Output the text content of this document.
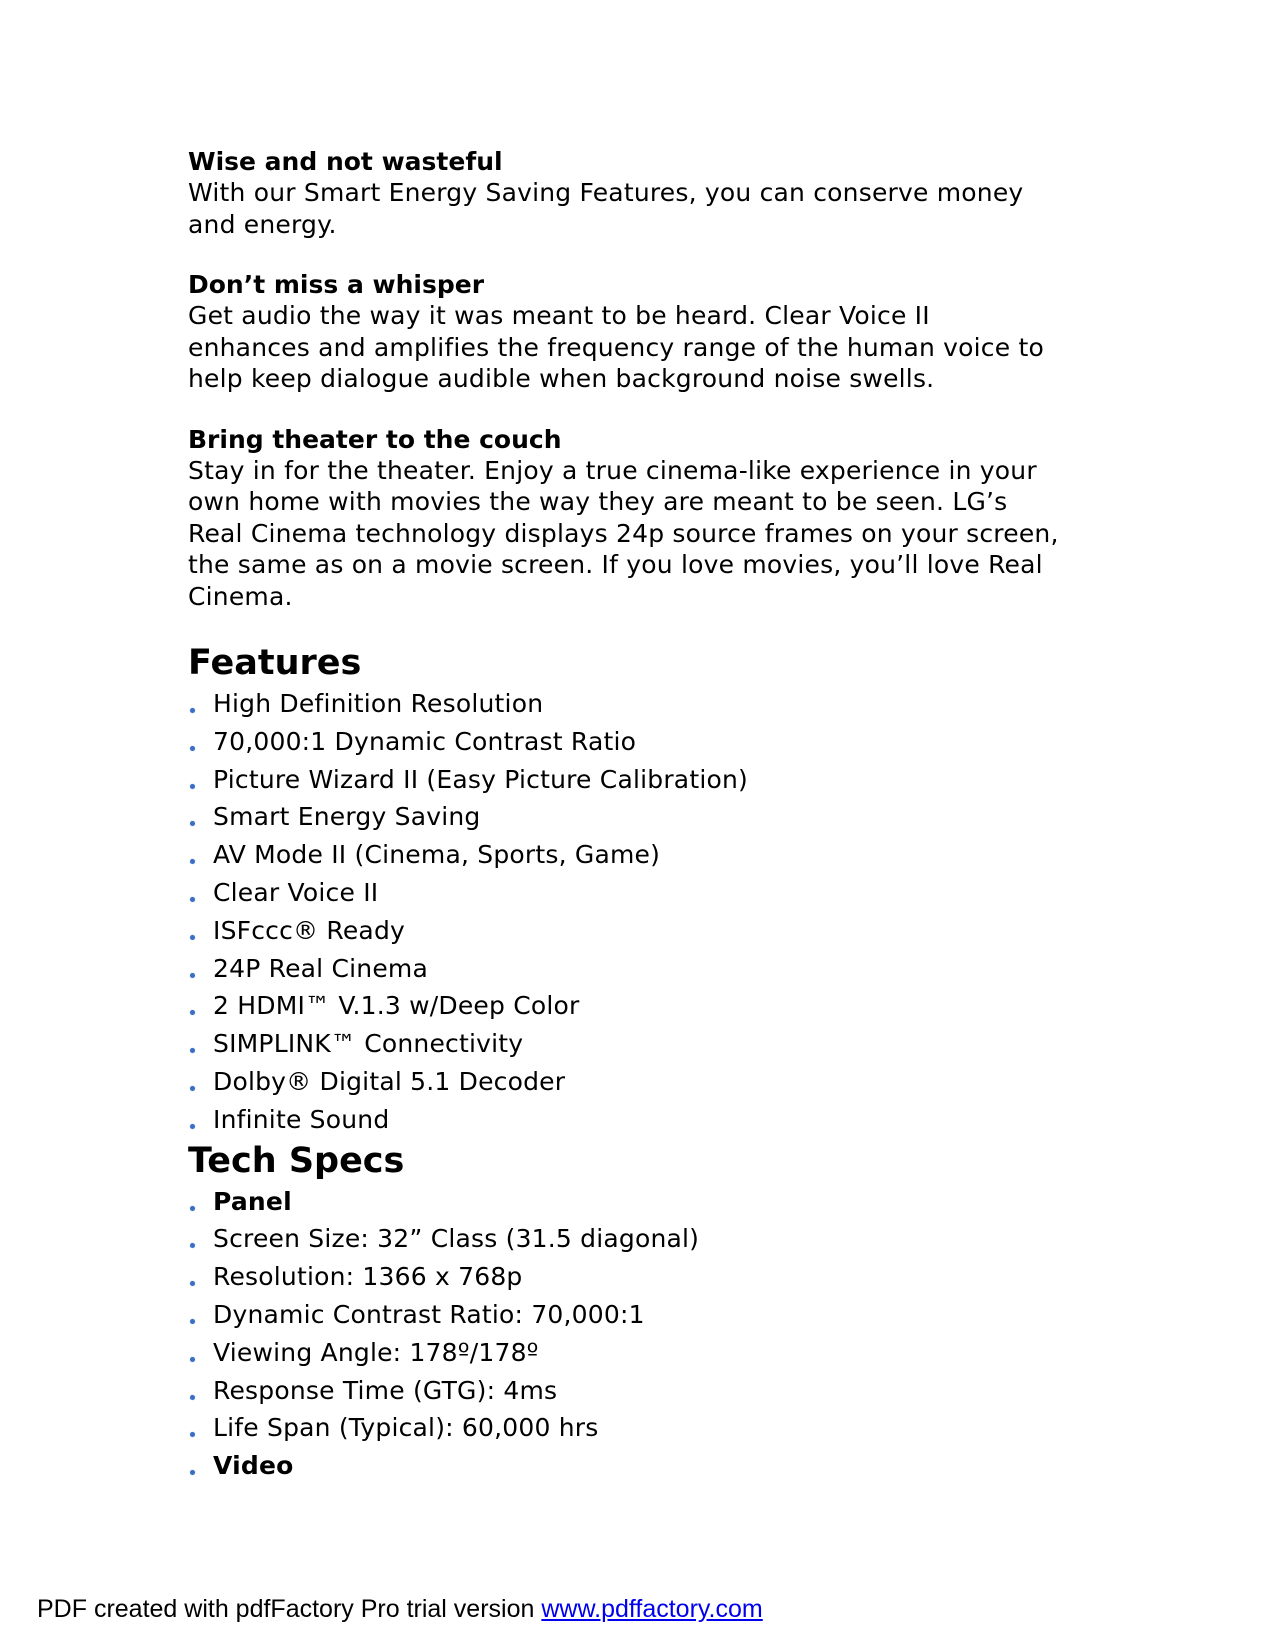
Wise and not wasteful

With our Smart Energy Saving Features, you can conserve money
and energy.

Don’t miss a whisper

Get audio the way it was meant to be heard. Clear Voice II
enhances and amplifies the frequency range of the human voice to
help keep dialogue audible when background noise swells.

Bring theater to the couch

Stay in for the theater. Enjoy a true cinema-like experience in your
own home with movies the way they are meant to be seen. LG’s
Real Cinema technology displays 24p source frames on your screen,
the same as on a movie screen. If you love movies, you’ll love Real
Cinema.

Features
High Definition Resolution
70,000:1 Dynamic Contrast Ratio
Picture Wizard II (Easy Picture Calibration)
Smart Energy Saving
AV Mode II (Cinema, Sports, Game)
Clear Voice II
ISFccc® Ready
24P Real Cinema
2 HDMI™ V.1.3 w/Deep Color
SIMPLINK™ Connectivity
Dolby® Digital 5.1 Decoder
Infinite Sound
Tech Specs
Panel
Screen Size: 32” Class (31.5 diagonal)
Resolution: 1366 x 768p
Dynamic Contrast Ratio: 70,000:1
Viewing Angle: 178º/178º
Response Time (GTG): 4ms
Life Span (Typical): 60,000 hrs
Video
PDF created with pdfFactory Pro trial version www.pdffactory.com
